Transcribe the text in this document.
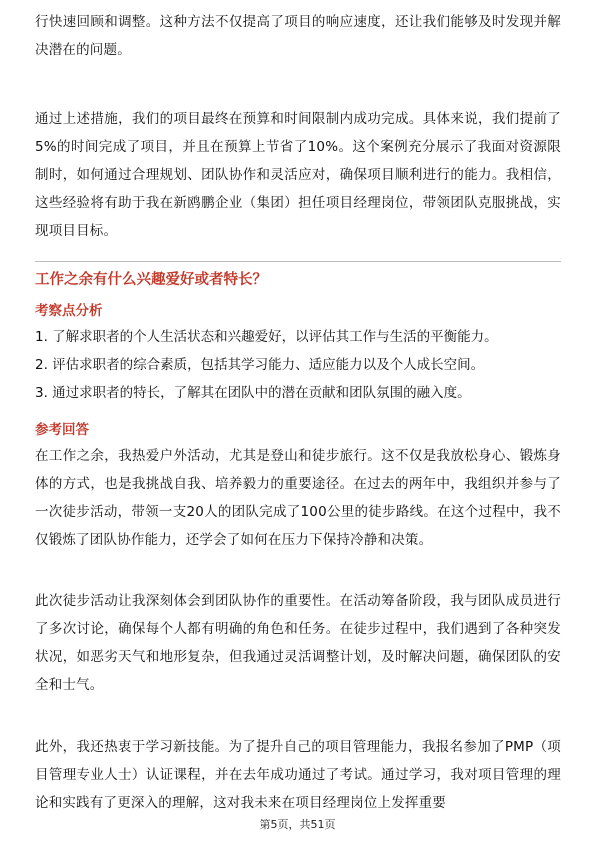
行快速回顾和调整。这种方法不仅提高了项目的响应速度，还让我们能够及时发现并解决潜在的问题。

通过上述措施，我们的项目最终在预算和时间限制内成功完成。具体来说，我们提前了5%的时间完成了项目，并且在预算上节省了10%。这个案例充分展示了我面对资源限制时，如何通过合理规划、团队协作和灵活应对，确保项目顺利进行的能力。我相信，这些经验将有助于我在新鸥鹏企业（集团）担任项目经理岗位，带领团队克服挑战，实现项目目标。

工作之余有什么兴趣爱好或者特长？
考察点分析
1. 了解求职者的个人生活状态和兴趣爱好，以评估其工作与生活的平衡能力。
2. 评估求职者的综合素质，包括其学习能力、适应能力以及个人成长空间。
3. 通过求职者的特长，了解其在团队中的潜在贡献和团队氛围的融入度。
参考回答

在工作之余，我热爱户外活动，尤其是登山和徒步旅行。这不仅是我放松身心、锻炼身体的方式，也是我挑战自我、培养毅力的重要途径。在过去的两年中，我组织并参与了一次徒步活动，带领一支20人的团队完成了100公里的徒步路线。在这个过程中，我不仅锻炼了团队协作能力，还学会了如何在压力下保持冷静和决策。

此次徒步活动让我深刻体会到团队协作的重要性。在活动筹备阶段，我与团队成员进行了多次讨论，确保每个人都有明确的角色和任务。在徒步过程中，我们遇到了各种突发状况，如恶劣天气和地形复杂，但我通过灵活调整计划，及时解决问题，确保团队的安全和士气。

此外，我还热衷于学习新技能。为了提升自己的项目管理能力，我报名参加了PMP（项目管理专业人士）认证课程，并在去年成功通过了考试。通过学习，我对项目管理的理论和实践有了更深入的理解，这对我未来在项目经理岗位上发挥重要

第5页，共51页
